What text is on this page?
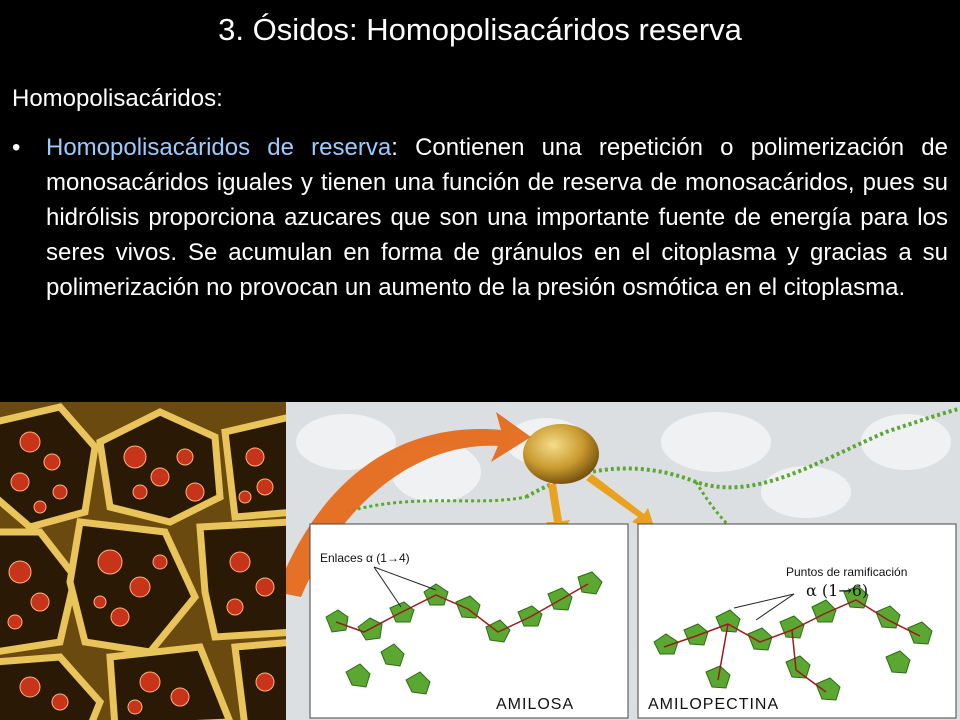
3. Ósidos: Homopolisacáridos reserva
Homopolisacáridos:
•	Homopolisacáridos de reserva: Contienen una repetición o polimerización de monosacáridos iguales y tienen una función de reserva de monosacáridos, pues su hidrólisis proporciona azucares que son una importante fuente de energía para los seres vivos. Se acumulan en forma de gránulos en el citoplasma y gracias a su polimerización no provocan un aumento de la presión osmótica en el citoplasma.
Enlaces α (1→4)
AMILOSA
Puntos de ramificación
α (1→6)
AMILOPECTINA
